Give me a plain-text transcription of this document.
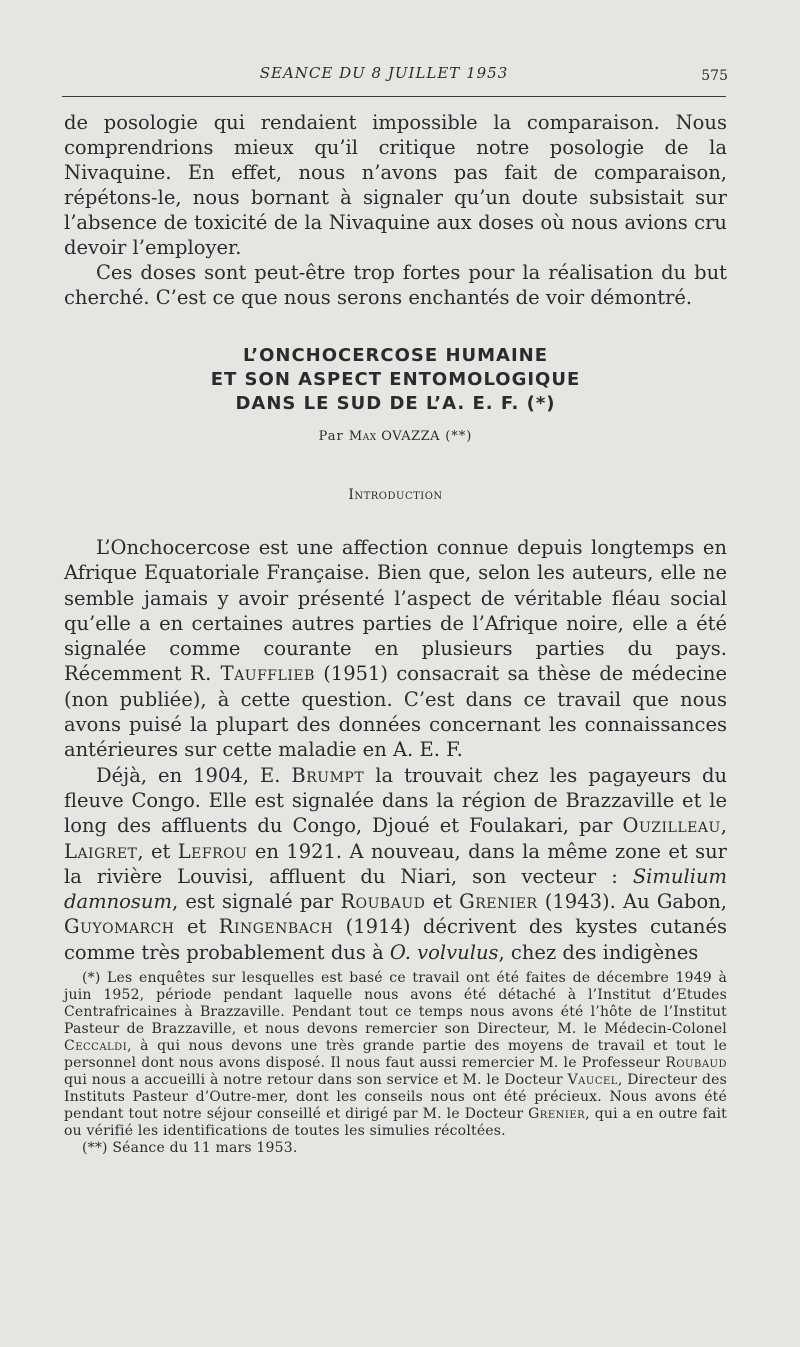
SEANCE DU 8 JUILLET 1953	575

de posologie qui rendaient impossible la comparaison. Nous comprendrions mieux qu’il critique notre posologie de la Nivaquine. En effet, nous n’avons pas fait de comparaison, répétons-le, nous bornant à signaler qu’un doute subsistait sur l’absence de toxicité de la Nivaquine aux doses où nous avions cru devoir l’employer.

Ces doses sont peut-être trop fortes pour la réalisation du but cherché. C’est ce que nous serons enchantés de voir démontré.

L’ONCHOCERCOSE HUMAINE
ET SON ASPECT ENTOMOLOGIQUE
DANS LE SUD DE L’A. E. F. (*)
Par Max OVAZZA (**)
Introduction

L’Onchocercose est une affection connue depuis longtemps en Afrique Equatoriale Française. Bien que, selon les auteurs, elle ne semble jamais y avoir présenté l’aspect de véritable fléau social qu’elle a en certaines autres parties de l’Afrique noire, elle a été signalée comme courante en plusieurs parties du pays. Récemment R. Taufflieb (1951) consacrait sa thèse de médecine (non publiée), à cette question. C’est dans ce travail que nous avons puisé la plupart des données concernant les connaissances antérieures sur cette maladie en A. E. F.

Déjà, en 1904, E. Brumpt la trouvait chez les pagayeurs du fleuve Congo. Elle est signalée dans la région de Brazzaville et le long des affluents du Congo, Djoué et Foulakari, par Ouzilleau, Laigret, et Lefrou en 1921. A nouveau, dans la même zone et sur la rivière Louvisi, affluent du Niari, son vecteur : Simulium damnosum, est signalé par Roubaud et Grenier (1943). Au Gabon, Guyomarch et Ringenbach (1914) décrivent des kystes cutanés comme très probablement dus à O. volvulus, chez des indigènes

(*) Les enquêtes sur lesquelles est basé ce travail ont été faites de décembre 1949 à juin 1952, période pendant laquelle nous avons été détaché à l’Institut d’Etudes Centrafricaines à Brazzaville. Pendant tout ce temps nous avons été l’hôte de l’Institut Pasteur de Brazzaville, et nous devons remercier son Directeur, M. le Médecin-Colonel Ceccaldi, à qui nous devons une très grande partie des moyens de travail et tout le personnel dont nous avons disposé. Il nous faut aussi remercier M. le Professeur Roubaud qui nous a accueilli à notre retour dans son service et M. le Docteur Vaucel, Directeur des Instituts Pasteur d’Outre-mer, dont les conseils nous ont été précieux. Nous avons été pendant tout notre séjour conseillé et dirigé par M. le Docteur Grenier, qui a en outre fait ou vérifié les identifications de toutes les simulies récoltées.

(**) Séance du 11 mars 1953.
